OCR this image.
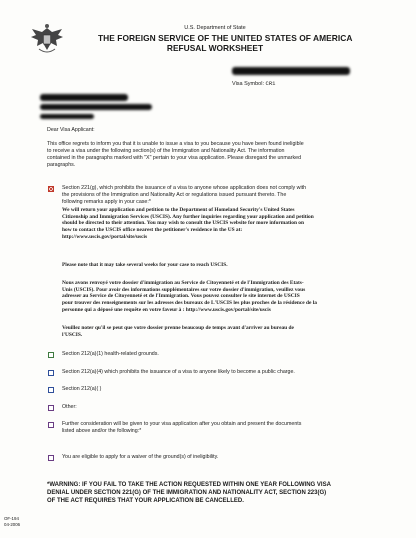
U.S. Department of State
THE FOREIGN SERVICE OF THE UNITED STATES OF AMERICA
REFUSAL WORKSHEET
Visa Symbol: CR1
Dear Visa Applicant:
This office regrets to inform you that it is unable to issue a visa to you because you have been found ineligible
to receive a visa under the following section(s) of the Immigration and Nationality Act. The information
contained in the paragraphs marked with "X" pertain to your visa application. Please disregard the unmarked
paragraphs.
Section 221(g), which prohibits the issuance of a visa to anyone whose application does not comply with
the provisions of the Immigration and Nationality Act or regulations issued pursuant thereto. The
following remarks apply in your case:*
We will return your application and petition to the Department of Homeland Security's United States
Citizenship and Immigration Services (USCIS). Any further inquiries regarding your application and petition
should be directed to their attention. You may wish to consult the USCIS website for more information on
how to contact the USCIS office nearest the petitioner's residence in the US at:
http://www.uscis.gov/portal/site/uscis
Please note that it may take several weeks for your case to reach USCIS.
Nous avons renvoyé votre dossier d'immigration au Service de Citoyenneté et de l'Immigration des Etats-
Unis (USCIS). Pour avoir des informations supplémentaires sur votre dossier d'immigration, veuillez vous
adresser au Service de Citoyenneté et de l'Immigration. Vous pouvez consulter le site internet de USCIS
pour trouver des renseignements sur les adresses des bureaux de L'USCIS les plus proches de la résidence de la
personne qui a déposé une requête en votre faveur à : http://www.uscis.gov/portal/site/uscis
Veuillez noter qu'il se peut que votre dossier prenne beaucoup de temps avant d'arriver au bureau de
l'USCIS.
Section 212(a)(1) health-related grounds.
Section 212(a)(4) which prohibits the issuance of a visa to anyone likely to become a public charge.
Section 212(a)( )
Other:
Further consideration will be given to your visa application after you obtain and present the documents
listed above and/or the following:*
You are eligible to apply for a waiver of the ground(s) of ineligibility.
*WARNING: IF YOU FAIL TO TAKE THE ACTION REQUESTED WITHIN ONE YEAR FOLLOWING VISA
DENIAL UNDER SECTION 221(G) OF THE IMMIGRATION AND NATIONALITY ACT, SECTION 223(G)
OF THE ACT REQUIRES THAT YOUR APPLICATION BE CANCELLED.
OF-194
04-2006
